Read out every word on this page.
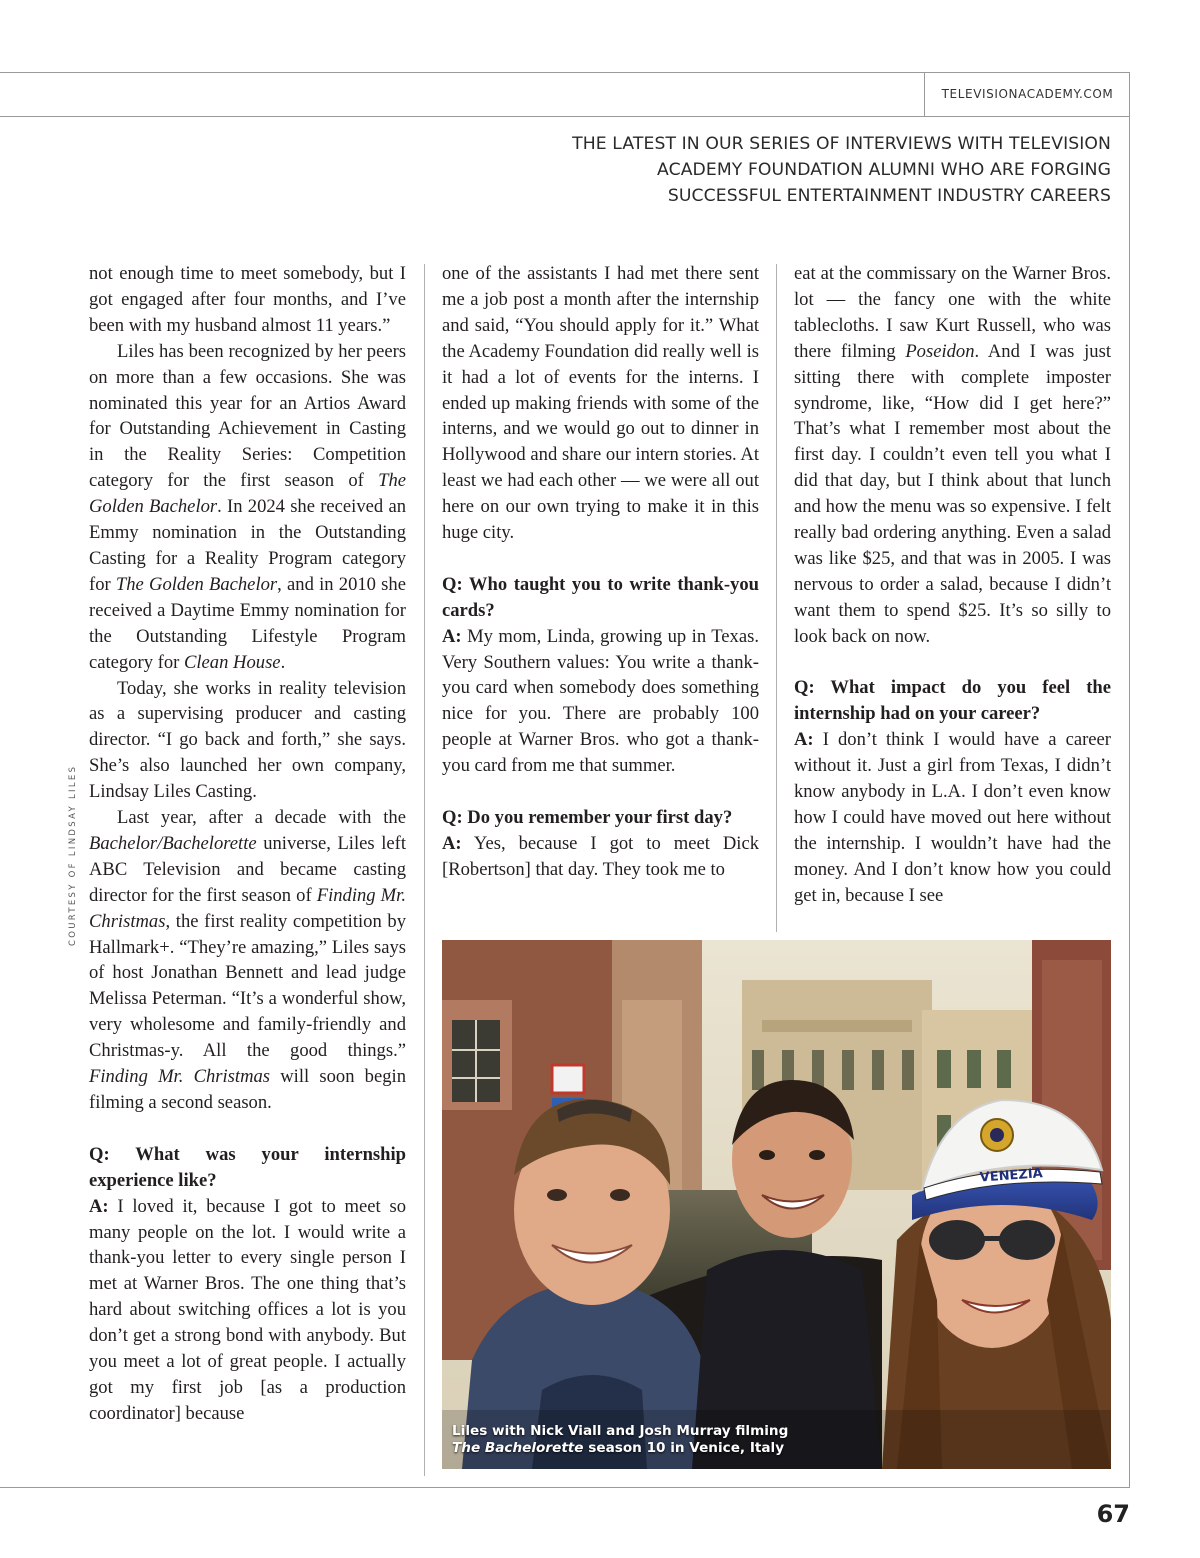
TELEVISIONACADEMY.COM
THE LATEST IN OUR SERIES OF INTERVIEWS WITH TELEVISION
ACADEMY FOUNDATION ALUMNI WHO ARE FORGING
SUCCESSFUL ENTERTAINMENT INDUSTRY CAREERS
COURTESY OF LINDSAY LILES

not enough time to meet somebody, but I got engaged after four months, and I’ve been with my husband almost 11 years.”

Liles has been recognized by her peers on more than a few occasions. She was nominated this year for an Artios Award for Outstanding Achievement in Casting in the Reality Series: Competition category for the first season of The Golden Bachelor. In 2024 she received an Emmy nomination in the Outstanding Casting for a Reality Program category for The Golden Bachelor, and in 2010 she received a Daytime Emmy nomination for the Outstanding Lifestyle Program category for Clean House.

Today, she works in reality television as a supervising producer and casting director. “I go back and forth,” she says. She’s also launched her own company, Lindsay Liles Casting.

Last year, after a decade with the Bachelor/Bachelorette universe, Liles left ABC Television and became casting director for the first season of Finding Mr. Christmas, the first reality competition by Hallmark+. “They’re amazing,” Liles says of host Jonathan Bennett and lead judge Melissa Peterman. “It’s a wonderful show, very wholesome and family-friendly and Christmas-y. All the good things.” Finding Mr. Christmas will soon begin filming a second season.

Q: What was your internship experience like?

A: I loved it, because I got to meet so many people on the lot. I would write a thank-you letter to every single person I met at Warner Bros. The one thing that’s hard about switching offices a lot is you don’t get a strong bond with anybody. But you meet a lot of great people. I actually got my first job [as a production coordinator] because

one of the assistants I had met there sent me a job post a month after the internship and said, “You should apply for it.” What the Academy Foundation did really well is it had a lot of events for the interns. I ended up making friends with some of the interns, and we would go out to dinner in Hollywood and share our intern stories. At least we had each other — we were all out here on our own trying to make it in this huge city.

Q: Who taught you to write thank-you cards?

A: My mom, Linda, growing up in Texas. Very Southern values: You write a thank-you card when somebody does something nice for you. There are probably 100 people at Warner Bros. who got a thank-you card from me that summer.

Q: Do you remember your first day?

A: Yes, because I got to meet Dick [Robertson] that day. They took me to

eat at the commissary on the Warner Bros. lot — the fancy one with the white tablecloths. I saw Kurt Russell, who was there filming Poseidon. And I was just sitting there with complete imposter syndrome, like, “How did I get here?” That’s what I remember most about the first day. I couldn’t even tell you what I did that day, but I think about that lunch and how the menu was so expensive. I felt really bad ordering anything. Even a salad was like $25, and that was in 2005. I was nervous to order a salad, because I didn’t want them to spend $25. It’s so silly to look back on now.

Q: What impact do you feel the internship had on your career?

A: I don’t think I would have a career without it. Just a girl from Texas, I didn’t know anybody in L.A. I don’t even know how I could have moved out here without the internship. I wouldn’t have had the money. And I don’t know how you could get in, because I see

VENEZIA
Liles with Nick Viall and Josh Murray filming
The Bachelorette season 10 in Venice, Italy
67
